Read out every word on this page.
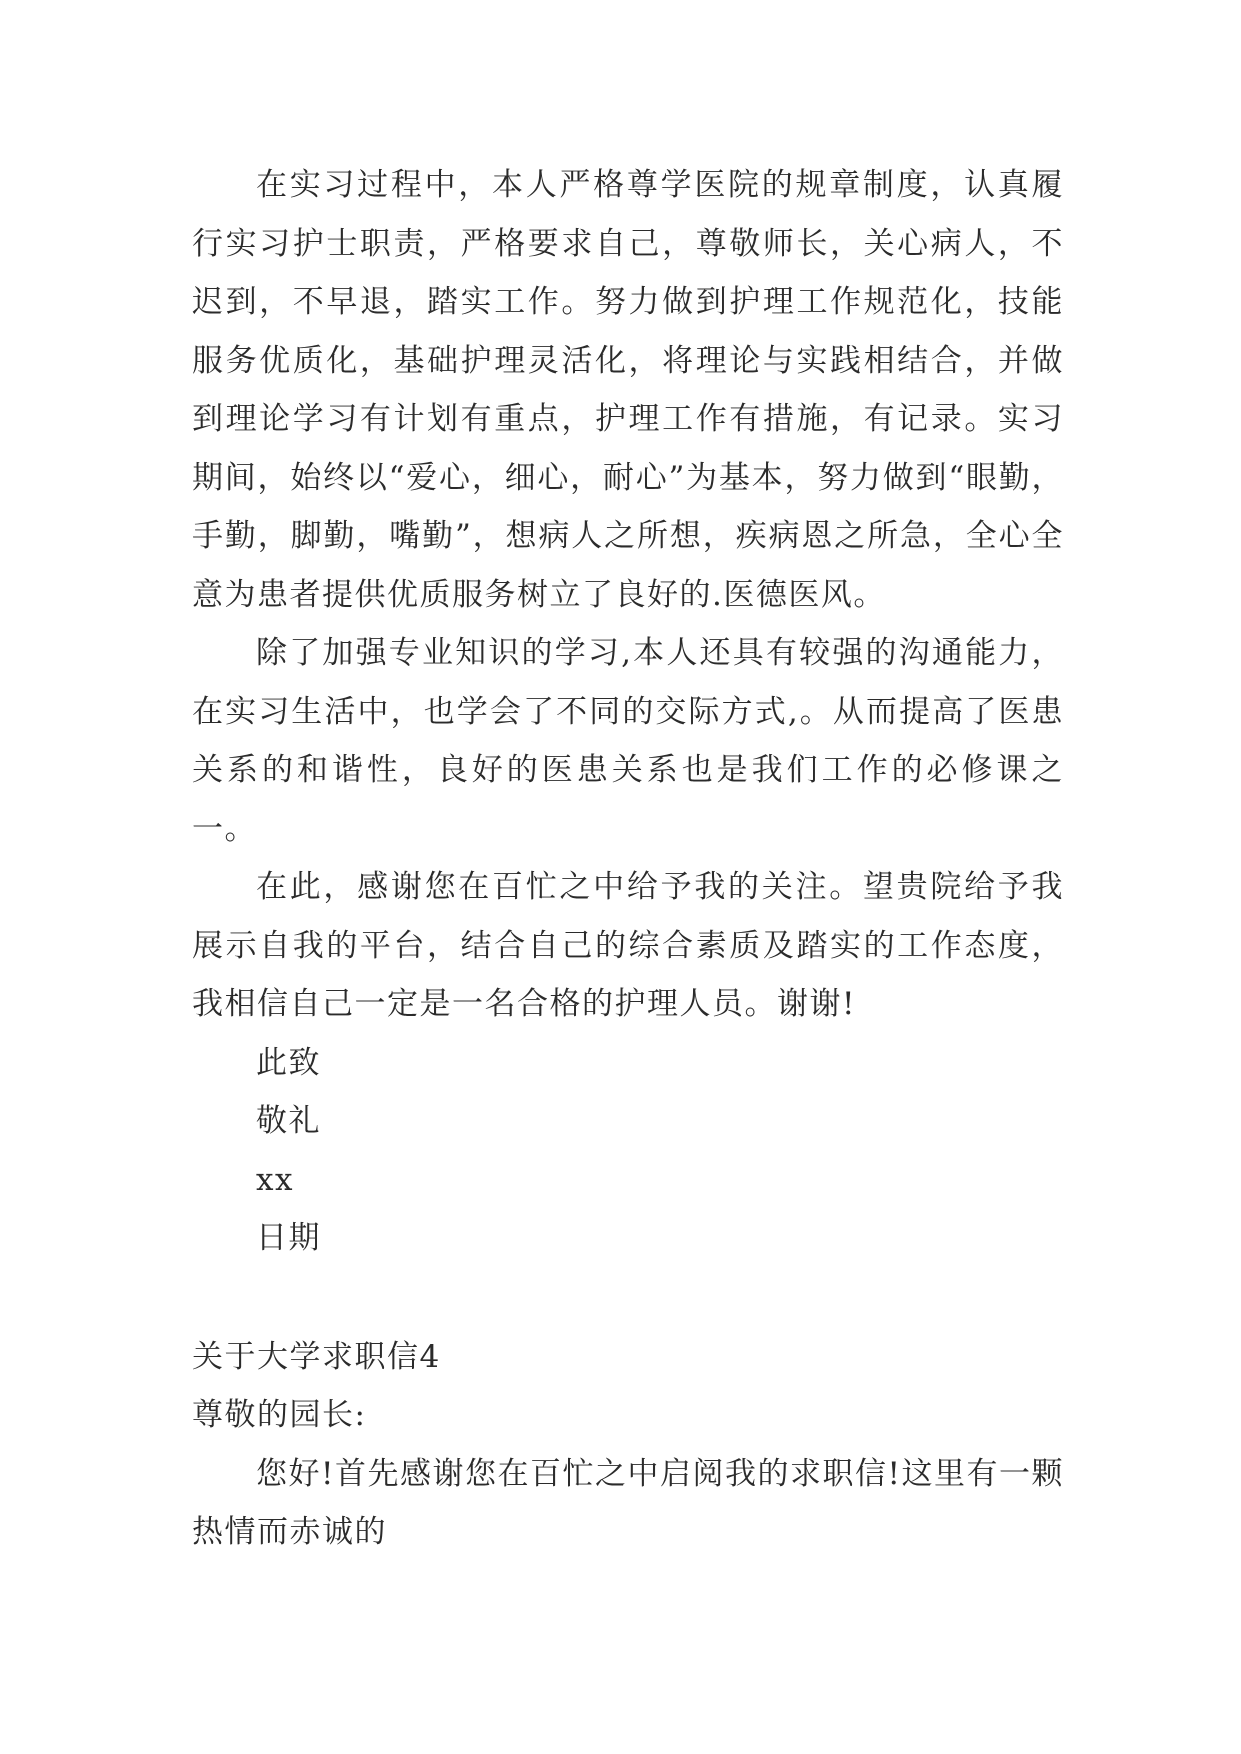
在实习过程中，本人严格尊学医院的规章制度，认真履行实习护士职责，严格要求自己，尊敬师长，关心病人，不迟到，不早退，踏实工作。努力做到护理工作规范化，技能服务优质化，基础护理灵活化，将理论与实践相结合，并做到理论学习有计划有重点，护理工作有措施，有记录。实习期间，始终以“爱心，细心，耐心”为基本，努力做到“眼勤，手勤，脚勤，嘴勤”，想病人之所想，疾病恩之所急，全心全意为患者提供优质服务树立了良好的.医德医风。

除了加强专业知识的学习,本人还具有较强的沟通能力，在实习生活中，也学会了不同的交际方式,。从而提高了医患关系的和谐性，良好的医患关系也是我们工作的必修课之一。

在此，感谢您在百忙之中给予我的关注。望贵院给予我展示自我的平台，结合自己的综合素质及踏实的工作态度，我相信自己一定是一名合格的护理人员。谢谢!

此致

敬礼

xx

日期

关于大学求职信4

尊敬的园长:

您好!首先感谢您在百忙之中启阅我的求职信!这里有一颗热情而赤诚的
